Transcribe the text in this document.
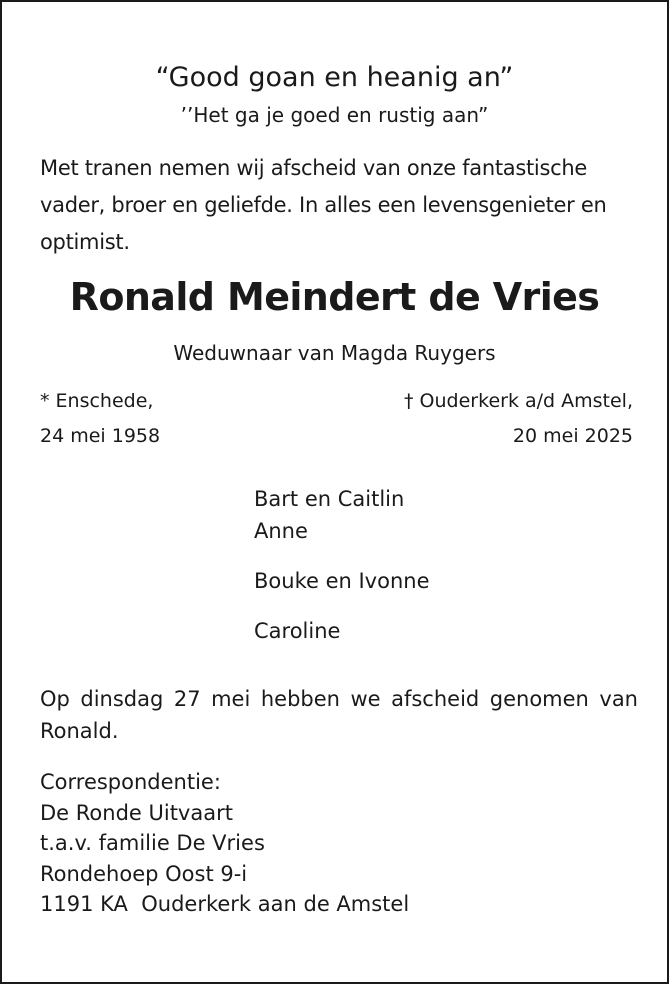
“Good goan en heanig an”
’’Het ga je goed en rustig aan”

Met tranen nemen wij afscheid van onze fantastische vader, broer en geliefde. In alles een levensgenieter en optimist.

Ronald Meindert de Vries
Weduwnaar van Magda Ruygers
* Enschede,
24 mei 1958
† Ouderkerk a/d Amstel,
20 mei 2025
Bart en Caitlin
Anne
Bouke en Ivonne
Caroline

Op dinsdag 27 mei hebben we afscheid genomen van Ronald.

Correspondentie:
De Ronde Uitvaart
t.a.v. familie De Vries
Rondehoep Oost 9-i
1191 KA  Ouderkerk aan de Amstel
